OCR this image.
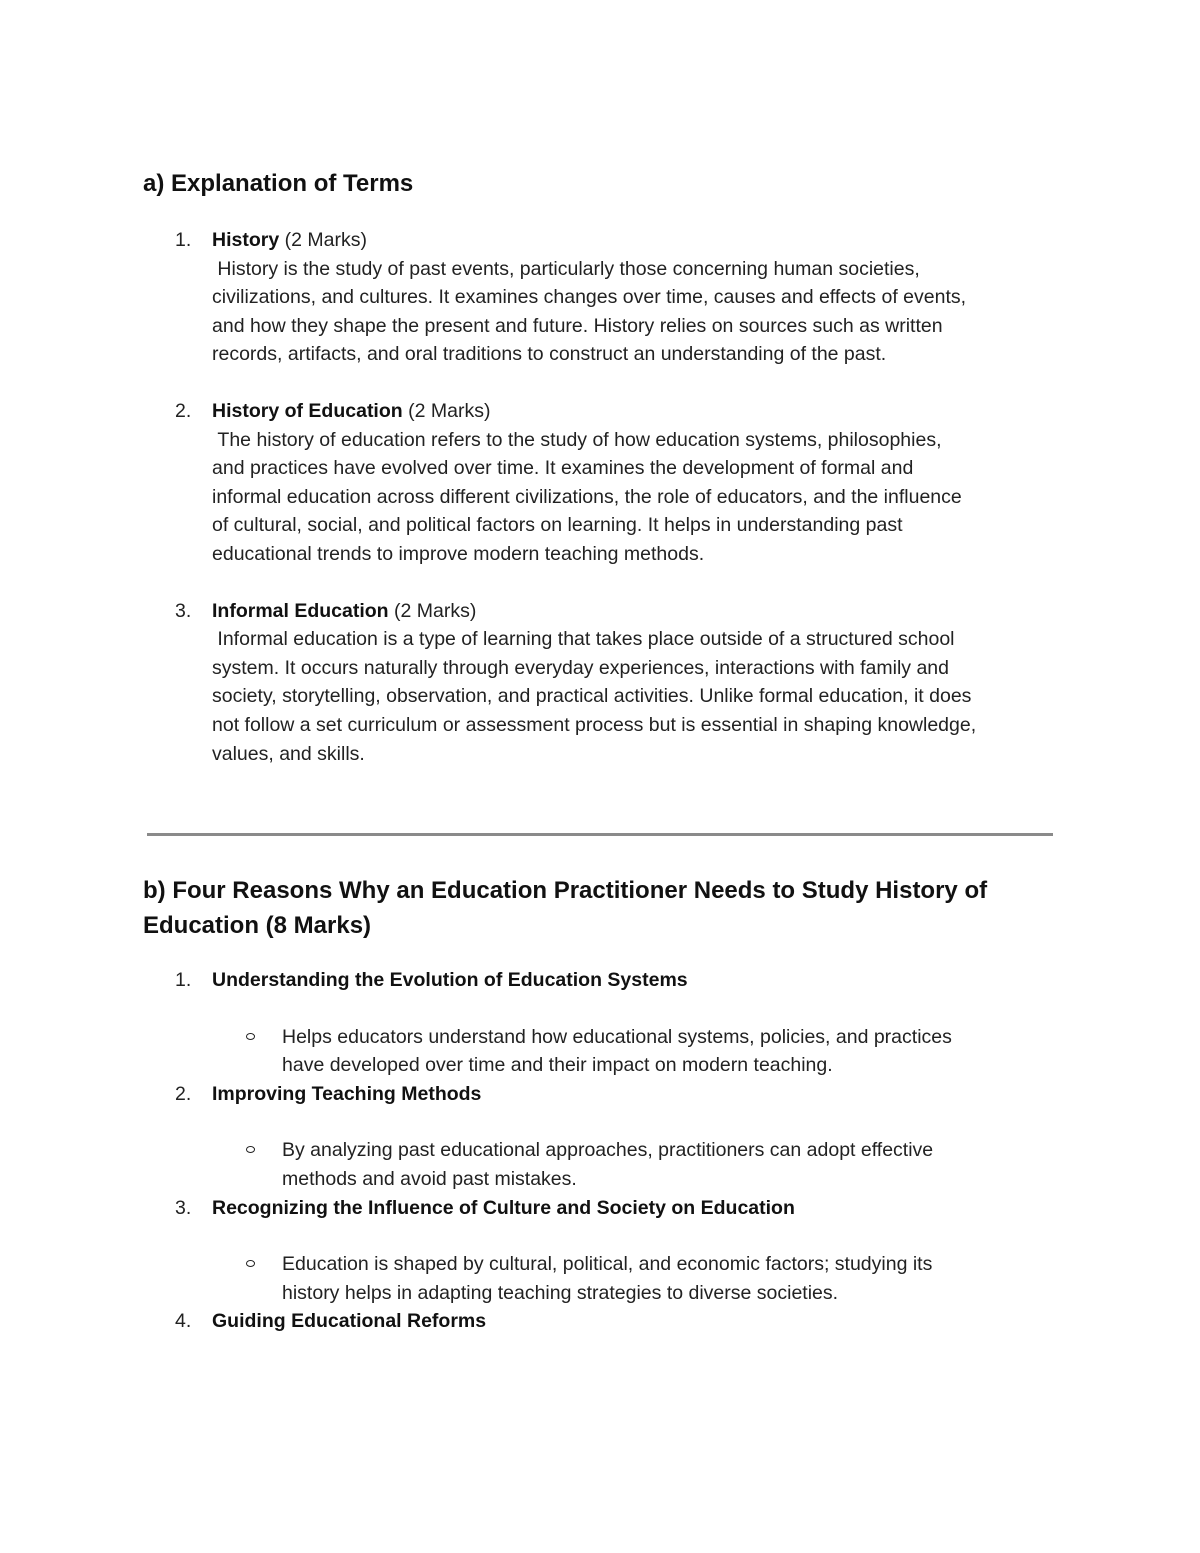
a) Explanation of Terms
1. History (2 Marks)
History is the study of past events, particularly those concerning human societies,
civilizations, and cultures. It examines changes over time, causes and effects of events,
and how they shape the present and future. History relies on sources such as written
records, artifacts, and oral traditions to construct an understanding of the past.
2. History of Education (2 Marks)
The history of education refers to the study of how education systems, philosophies,
and practices have evolved over time. It examines the development of formal and
informal education across different civilizations, the role of educators, and the influence
of cultural, social, and political factors on learning. It helps in understanding past
educational trends to improve modern teaching methods.
3. Informal Education (2 Marks)
Informal education is a type of learning that takes place outside of a structured school
system. It occurs naturally through everyday experiences, interactions with family and
society, storytelling, observation, and practical activities. Unlike formal education, it does
not follow a set curriculum or assessment process but is essential in shaping knowledge,
values, and skills.
b) Four Reasons Why an Education Practitioner Needs to Study History of Education (8 Marks)
1. Understanding the Evolution of Education Systems
Helps educators understand how educational systems, policies, and practices
have developed over time and their impact on modern teaching.
2. Improving Teaching Methods
By analyzing past educational approaches, practitioners can adopt effective
methods and avoid past mistakes.
3. Recognizing the Influence of Culture and Society on Education
Education is shaped by cultural, political, and economic factors; studying its
history helps in adapting teaching strategies to diverse societies.
4. Guiding Educational Reforms
